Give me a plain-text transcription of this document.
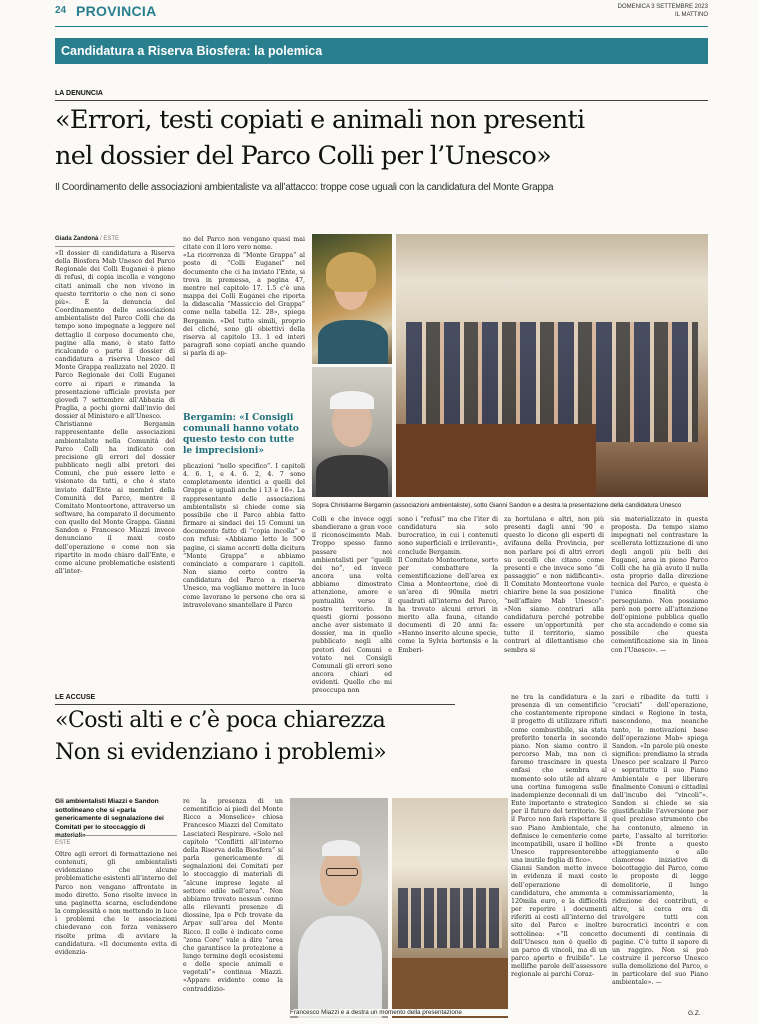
24 PROVINCIA	DOMENICA 3 SETTEMBRE 2023
IL MATTINO
Candidatura a Riserva Biosfera: la polemica
LA DENUNCIA
«Errori, testi copiati e animali non presenti
nel dossier del Parco Colli per l’Unesco»
Il Coordinamento delle associazioni ambientaliste va all’attacco: troppe cose uguali con la candidatura del Monte Grappa
Giada Zandonà / ESTE
«Il dossier di candidatura a Riserva della Biosfera Mab Unesco del Parco Regionale dei Colli Euganei è pieno di refusi, di copia incolla e vengono citati animali che non vivono in questo territorio o che non ci sono più». È la denuncia del Coordinamento delle associazioni ambientaliste del Parco Colli che da tempo sono impegnate a leggere nel dettaglio il corposo documento che, pagine alla mano, è stato fatto ricalcando o parte il dossier di candidatura a riserva Unesco del Monte Grappa realizzato nel 2020. Il Parco Regionale dei Colli Euganei corre ai ripari e rimanda la presentazione ufficiale prevista per giovedì 7 settembre all’Abbazia di Praglia, a pochi giorni dall’invio del dossier al Ministero e all’Unesco.
Christianne Bergamin rappresentante delle associazioni ambientaliste nella Comunità del Parco Colli ha indicato con precisione gli errori del dossier pubblicato negli albi pretori dei Comuni, che può essere letto e visionato da tutti, e che è stato inviato dall’Ente ai membri della Comunità del Parco, mentre il Comitato Monteortone, attraverso un software, ha comparato il documento con quello del Monte Grappa. Gianni Sandon e Francesco Miazzi invece denunciano il maxi costo dell’operazione e come non sia ripartito in modo chiaro dall’Ente, e come alcune problematiche esistenti all’inter-
no del Parco non vengano quasi mai citate con il loro vero nome.
«La ricorrenza di “Monte Grappa” al posto di “Colli Euganei” nel documento che ci ha inviato l’Ente, si trova in premessa, a pagina 47, mentre nel capitolo 17. 1.5 c’è una mappa dei Colli Euganei che riporta la didascalia “Massiccio del Grappa” come nella tabella 12. 28», spiega Bergamin. «Del tutto simili, proprio dei cliché, sono gli obiettivi della riserva al capitolo 13. 1 ed interi paragrafi sono copiati anche quando si parla di ap-
Bergamin: «I Consigli comunali hanno votato questo testo con tutte le imprecisioni»
plicazioni “nello specifico”. I capitoli 4. 6. 1, e 4. 6. 2, 4. 7 sono completamente identici a quelli del Grappa e uguali anche i 13 e 16». La rappresentante delle associazioni ambientaliste si chiede come sia possibile che il Parco abbia fatto firmare ai sindaci dei 15 Comuni un documento fatto di “copia incolla” e con refusi: «Abbiamo letto le 500 pagine, ci siamo accorti della dicitura “Monte Grappa” e abbiamo cominciato a comparare i capitoli. Non siamo certo contro la candidatura del Parco a riserva Unesco, ma vogliamo mettere in luce come lavorano le persone che ora si intravolevano smantellare il Parco
Sopra Christianne Bergamin (associazioni ambientaliste), sotto Gianni Sandon e a destra la presentazione della candidatura Unesco
Colli e che invece oggi sbandierano a gran voce il riconoscimento Mab. Troppo spesso fanno passare noi ambientalisti per “quelli dei no”, ed invece ancora una volta abbiamo dimostrato attenzione, amore e puntualità verso il nostro territorio. In questi giorni possono anche aver sistemato il dossier, ma in quello pubblicato negli albi pretori dei Comuni e votato nei Consigli Comunali gli errori sono ancora chiari ed evidenti. Quello che mi preoccupa non
sono i “refusi” ma che l’iter di candidatura sia solo burocratico, in cui i contenuti sono superficiali e irrilevanti», conclude Bergamin.
Il Comitato Monteortone, sorto per combattere la cementificazione dell’area ex Cima a Monteortone, cioè di un’area di 90mila metri quadrati all’interno del Parco, ha trovato alcuni errori in merito alla fauna, citando documenti di 20 anni fa: «Hanno inserito alcune specie, come la Sylvia hortensis e la Emberi-
za hortulana e altri, non più presenti dagli anni ’90 e questo lo dicono gli esperti di avifauna della Provincia, per non parlare poi di altri errori su uccelli che citano come presenti e che invece sono “di passaggio” e non nidificanti». Il Comitato Monteortone vuole chiarire bene la sua posizione “nell’affaire Mab Unesco”: «Non siamo contrari alla candidatura perché potrebbe essere un’opportunità per tutto il territorio, siamo contrari al dilettantismo che sembra si
sia materializzato in questa proposta. Da tempo siamo impegnati nel contrastare la scellerata lottizzazione di uno degli angoli più belli dei Euganei, area in pieno Parco Colli che ha già avuto il nulla osta proprio dalla direzione tecnica del Parco, e questa è l’unica finalità che perseguiamo. Non possiamo però non porre all’attenzione dell’opinione pubblica quello che sta accadendo e come sia possibile che questa cementificazione sia in linea con l’Unesco». —
LE ACCUSE
«Costi alti e c’è poca chiarezza
Non si evidenziano i problemi»
Gli ambientalisti Miazzi e Sandon sottolineano che si «parla genericamente di segnalazione dei Comitati per lo stoccaggio di
ESTE
Oltre agli errori di formattazione nei contenuti, gli ambientalisti evidenziano che alcune problematiche esistenti all’interno del Parco non vengano affrontate in modo diretto. Sono risolte invece in una paginetta scarna, escludendone la complessità e non mettendo in luce i problemi che le associazioni chiedevano con forza venissero risolte prima di avviare la candidatura. «Il documento evita di evidenzia-
re la presenza di un cementificio ai piedi del Monte Ricco a Monselice» chiosa Francesco Miazzi del Comitato Lasciateci Respirare. «Solo nel capitolo “Conflitti all’interno della Riserva della Biosfera” si parla genericamente di segnalazioni dei Comitati per lo stoccaggio di materiali di “alcune imprese legate al settore edile nell’area”. Non abbiamo trovato nessun cenno alle rilevanti presenze di diossine, Ipa e Pcb trovate da Arpav sull’area del Monte Ricco. Il colle è indicato come “zona Core” vale a dire “area che garantisce la protezione a lungo termine degli ecosistemi e delle specie animali e vegetali”» continua Miazzi. «Appare evidente come la contraddizio-
Francesco Miazzi e a destra un momento della presentazione
ne tra la candidatura e la presenza di un cementificio che costantemente ripropone il progetto di utilizzare rifiuti come combustibile, sia stata preferito tenerla in secondo piano. Non siamo contro il percorso Mab, ma non ci faremo trascinare in questa enfasi che sembra al momento solo utile ad alzare una cortina fumogena sulle inadempienze decennali di un Ente importante e strategico per il futuro del territorio. Se il Parco non farà rispettare il suo Piano Ambientale, che definisce le cementerie come incompatibili, usare il bollino Unesco rappresenterebbe una inutile foglia di fico».
Gianni Sandon mette invece in evidenza il maxi costo dell’operazione di candidatura, che ammonta a 120mila euro, e la difficoltà per reperire i documenti riferiti ai costi all’interno del sito del Parco e inoltre sottolinea: «“Il concetto dell’Unesco non è quello di un parco di vincoli, ma di un parco aperto e fruibile”. Le mellifhe parole dell’assessore regionale ai parchi Coraz-
zari e ribadite da tutti i “crociati” dell’operazione, sindaci e Regione in testa, nascondono, ma neanche tanto, le motivazioni base dell’operazione Mab» spiega Sandon. «In parole più oneste significa: prendiamo la strada Unesco per scalzare il Parco e soprattutto il suo Piano Ambientale e per liberare finalmente Comuni e cittadini dall’incubo dei “vincoli”». Sandon si chiede se sia giustificabile l’avversione per quel prezioso strumento che ha contenuto, almeno in parte, l’assalto al territorio: «Di fronte a questo atteggiamento e alle clamorose iniziative di boicottaggio del Parco, come le proposte di legge demolitorie, il lungo commissariamento, la riduzione dei contributi, e altre, si cerca ora di travolgere tutti con burocratici incontri e con documenti di centinaia di pagine. C’è tutto il sapore di un raggiro. Non si può costruire il percorso Unesco sulla demolizione del Parco, e in particolare del suo Piano ambientale». —
G.Z.
